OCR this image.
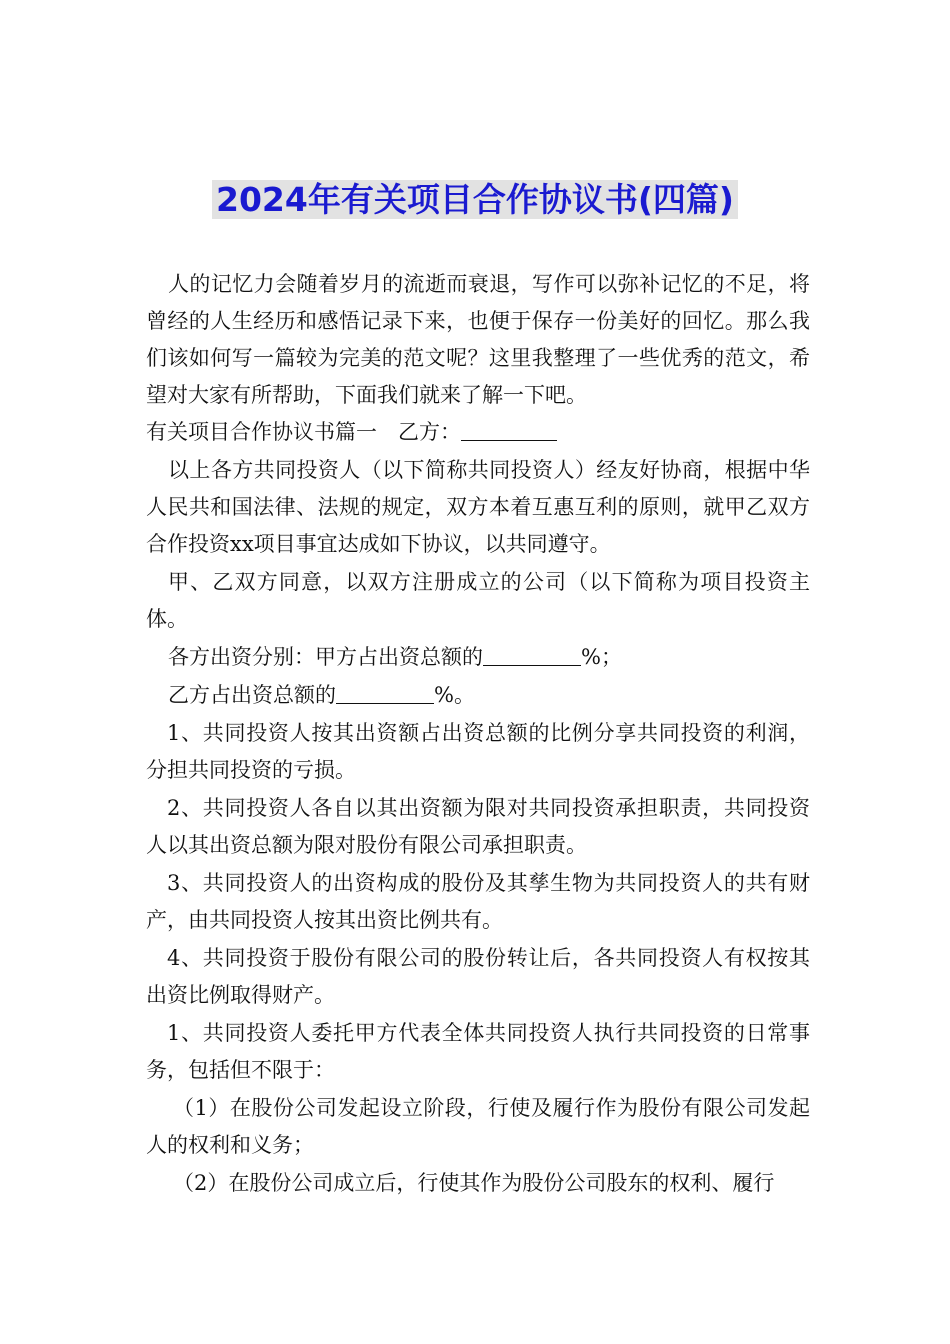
2024年有关项目合作协议书(四篇)

人的记忆力会随着岁月的流逝而衰退，写作可以弥补记忆的不足，将曾经的人生经历和感悟记录下来，也便于保存一份美好的回忆。那么我们该如何写一篇较为完美的范文呢？这里我整理了一些优秀的范文，希望对大家有所帮助，下面我们就来了解一下吧。

有关项目合作协议书篇一　乙方：

以上各方共同投资人（以下简称共同投资人）经友好协商，根据中华人民共和国法律、法规的规定，双方本着互惠互利的原则，就甲乙双方合作投资xx项目事宜达成如下协议，以共同遵守。

甲、乙双方同意，以双方注册成立的公司（以下简称为项目投资主体。

各方出资分别：甲方占出资总额的	%；

乙方占出资总额的	%。

1、共同投资人按其出资额占出资总额的比例分享共同投资的利润，分担共同投资的亏损。

2、共同投资人各自以其出资额为限对共同投资承担职责，共同投资人以其出资总额为限对股份有限公司承担职责。

3、共同投资人的出资构成的股份及其孳生物为共同投资人的共有财产，由共同投资人按其出资比例共有。

4、共同投资于股份有限公司的股份转让后，各共同投资人有权按其出资比例取得财产。

1、共同投资人委托甲方代表全体共同投资人执行共同投资的日常事务，包括但不限于：

（1）在股份公司发起设立阶段，行使及履行作为股份有限公司发起人的权利和义务；

（2）在股份公司成立后，行使其作为股份公司股东的权利、履行
